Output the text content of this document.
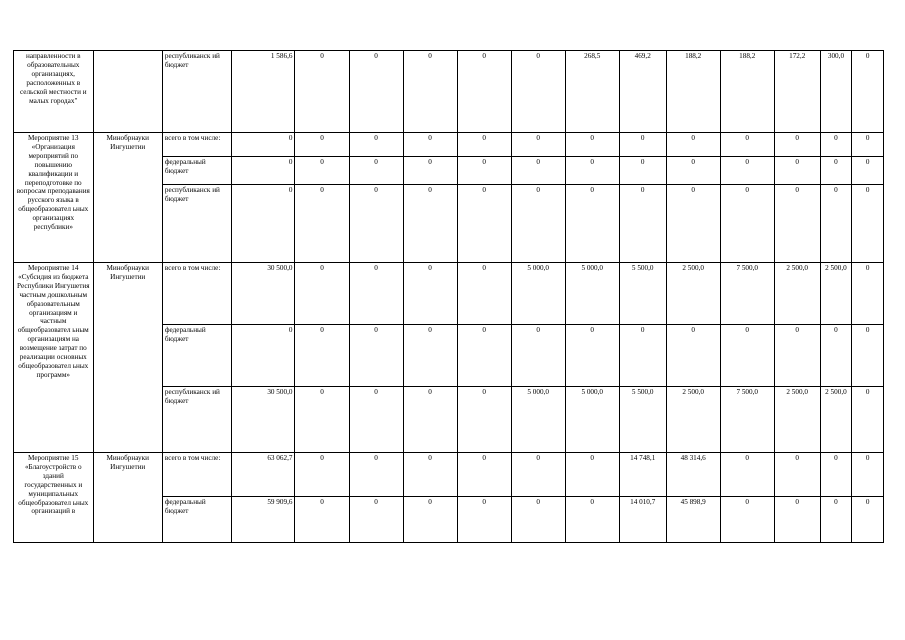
направленности в образовательных организациях, расположенных в сельской местности и малых городах"		республиканск ий бюджет	1 586,6	0	0	0	0	0	268,5	469,2	188,2	188,2	172,2	300,0	0
Мероприятие 13 «Организация мероприятий по повышению квалификации и переподготовке по вопросам преподавания русского языка в общеобразовател ьных организациях республики»	Минобрнауки Ингушетии	всего в том числе:	0	0	0	0	0	0	0	0	0	0	0	0	0
		федеральный бюджет	0	0	0	0	0	0	0	0	0	0	0	0	0
		республиканск ий бюджет	0	0	0	0	0	0	0	0	0	0	0	0	0
Мероприятие 14 «Субсидия из бюджета Республики Ингушетия частным дошкольным образовательным организациям и частным общеобразовател ьным организациям на возмещение затрат по реализации основных общеобразовател ьных программ»	Минобрнауки Ингушетии	всего в том числе:	30 500,0	0	0	0	0	5 000,0	5 000,0	5 500,0	2 500,0	7 500,0	2 500,0	2 500,0	0
		федеральный бюджет	0	0	0	0	0	0	0	0	0	0	0	0	0
		республиканск ий бюджет	30 500,0	0	0	0	0	5 000,0	5 000,0	5 500,0	2 500,0	7 500,0	2 500,0	2 500,0	0
Мероприятие 15 «Благоустройств о зданий государственных и муниципальных общеобразовател ьных организаций в	Минобрнауки Ингушетии	всего в том числе:	63 062,7	0	0	0	0	0	0	14 748,1	48 314,6	0	0	0	0
		федеральный бюджет	59 909,6	0	0	0	0	0	0	14 010,7	45 898,9	0	0	0	0
